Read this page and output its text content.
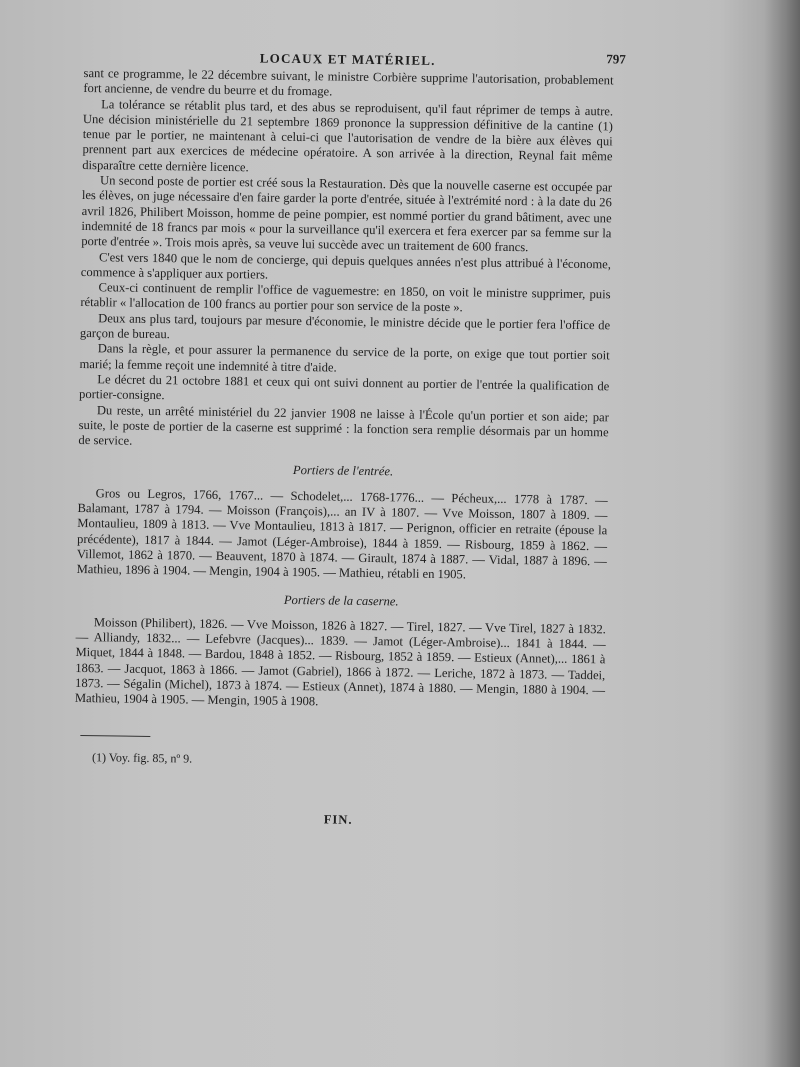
LOCAUX ET MATÉRIEL.	797

sant ce programme, le 22 décembre suivant, le ministre Corbière supprime l'autorisation, probablement fort ancienne, de vendre du beurre et du fromage.

La tolérance se rétablit plus tard, et des abus se reproduisent, qu'il faut réprimer de temps à autre. Une décision ministérielle du 21 septembre 1869 prononce la suppression définitive de la cantine (1) tenue par le portier, ne maintenant à celui-ci que l'autorisation de vendre de la bière aux élèves qui prennent part aux exercices de médecine opératoire. A son arrivée à la direction, Reynal fait même disparaître cette dernière licence.

Un second poste de portier est créé sous la Restauration. Dès que la nouvelle caserne est occupée par les élèves, on juge nécessaire d'en faire garder la porte d'entrée, située à l'extrémité nord : à la date du 26 avril 1826, Philibert Moisson, homme de peine pompier, est nommé portier du grand bâtiment, avec une indemnité de 18 francs par mois « pour la surveillance qu'il exercera et fera exercer par sa femme sur la porte d'entrée ». Trois mois après, sa veuve lui succède avec un traitement de 600 francs.

C'est vers 1840 que le nom de concierge, qui depuis quelques années n'est plus attribué à l'économe, commence à s'appliquer aux portiers.

Ceux-ci continuent de remplir l'office de vaguemestre: en 1850, on voit le ministre supprimer, puis rétablir « l'allocation de 100 francs au portier pour son service de la poste ».

Deux ans plus tard, toujours par mesure d'économie, le ministre décide que le portier fera l'office de garçon de bureau.

Dans la règle, et pour assurer la permanence du service de la porte, on exige que tout portier soit marié; la femme reçoit une indemnité à titre d'aide.

Le décret du 21 octobre 1881 et ceux qui ont suivi donnent au portier de l'entrée la qualification de portier-consigne.

Du reste, un arrêté ministériel du 22 janvier 1908 ne laisse à l'École qu'un portier et son aide; par suite, le poste de portier de la caserne est supprimé : la fonction sera remplie désormais par un homme de service.

Portiers de l'entrée.

Gros ou Legros, 1766, 1767... — Schodelet,... 1768-1776... — Pécheux,... 1778 à 1787. — Balamant, 1787 à 1794. — Moisson (François),... an IV à 1807. — Vve Moisson, 1807 à 1809. — Montaulieu, 1809 à 1813. — Vve Montaulieu, 1813 à 1817. — Perignon, officier en retraite (épouse la précédente), 1817 à 1844. — Jamot (Léger-Ambroise), 1844 à 1859. — Risbourg, 1859 à 1862. — Villemot, 1862 à 1870. — Beauvent, 1870 à 1874. — Girault, 1874 à 1887. — Vidal, 1887 à 1896. — Mathieu, 1896 à 1904. — Mengin, 1904 à 1905. — Mathieu, rétabli en 1905.

Portiers de la caserne.

Moisson (Philibert), 1826. — Vve Moisson, 1826 à 1827. — Tirel, 1827. — Vve Tirel, 1827 à 1832. — Alliandy, 1832... — Lefebvre (Jacques)... 1839. — Jamot (Léger-Ambroise)... 1841 à 1844. — Miquet, 1844 à 1848. — Bardou, 1848 à 1852. — Risbourg, 1852 à 1859. — Estieux (Annet),... 1861 à 1863. — Jacquot, 1863 à 1866. — Jamot (Gabriel), 1866 à 1872. — Leriche, 1872 à 1873. — Taddei, 1873. — Ségalin (Michel), 1873 à 1874. — Estieux (Annet), 1874 à 1880. — Mengin, 1880 à 1904. — Mathieu, 1904 à 1905. — Mengin, 1905 à 1908.

(1) Voy. fig. 85, nº 9.

FIN.
